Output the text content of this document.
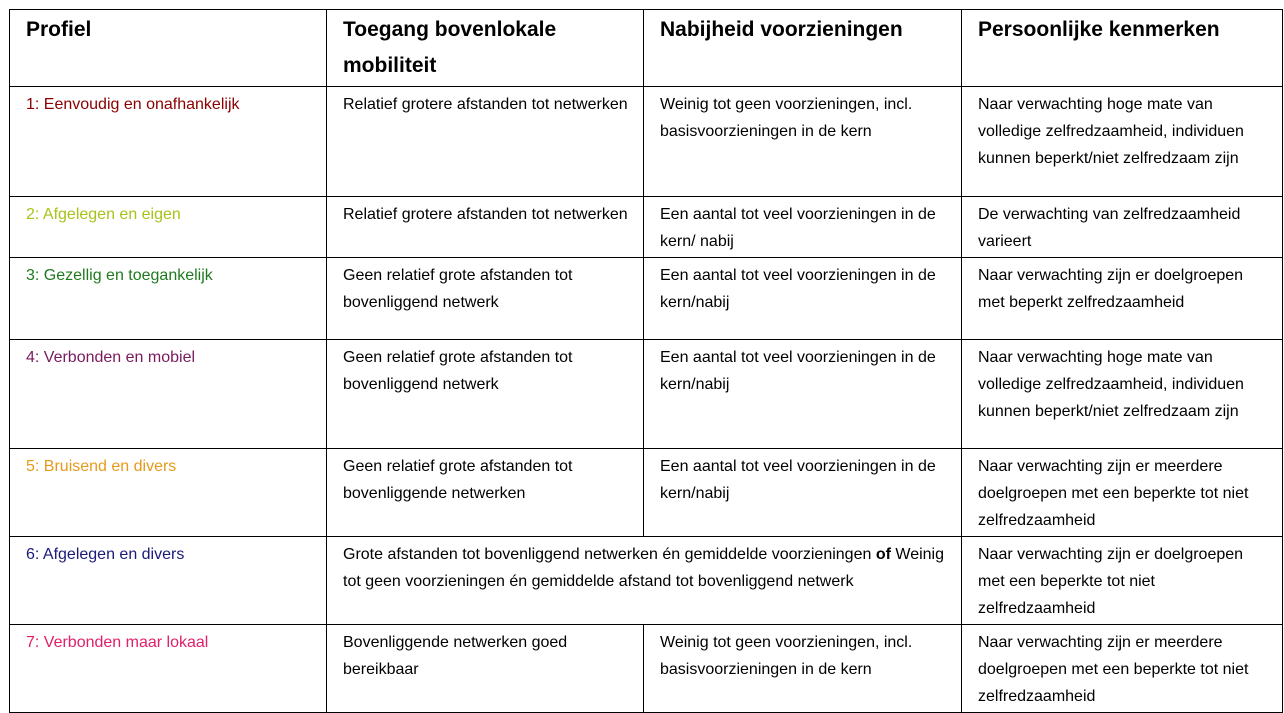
Profiel	Toegang bovenlokale mobiliteit	Nabijheid voorzieningen	Persoonlijke kenmerken
1: Eenvoudig en onafhankelijk	Relatief grotere afstanden tot netwerken	Weinig tot geen voorzieningen, incl. basisvoorzieningen in de kern	Naar verwachting hoge mate van volledige zelfredzaamheid, individuen kunnen beperkt/niet zelfredzaam zijn
2: Afgelegen en eigen	Relatief grotere afstanden tot netwerken	Een aantal tot veel voorzieningen in de kern/ nabij	De verwachting van zelfredzaamheid varieert
3: Gezellig en toegankelijk	Geen relatief grote afstanden tot bovenliggend netwerk	Een aantal tot veel voorzieningen in de kern/nabij	Naar verwachting zijn er doelgroepen met beperkt zelfredzaamheid
4: Verbonden en mobiel	Geen relatief grote afstanden tot bovenliggend netwerk	Een aantal tot veel voorzieningen in de kern/nabij	Naar verwachting hoge mate van volledige zelfredzaamheid, individuen kunnen beperkt/niet zelfredzaam zijn
5: Bruisend en divers	Geen relatief grote afstanden tot bovenliggende netwerken	Een aantal tot veel voorzieningen in de kern/nabij	Naar verwachting zijn er meerdere doelgroepen met een beperkte tot niet zelfredzaamheid
6: Afgelegen en divers	Grote afstanden tot bovenliggend netwerken én gemiddelde voorzieningen of Weinig tot geen voorzieningen én gemiddelde afstand tot bovenliggend netwerk		Naar verwachting zijn er doelgroepen met een beperkte tot niet zelfredzaamheid
7: Verbonden maar lokaal	Bovenliggende netwerken goed bereikbaar	Weinig tot geen voorzieningen, incl. basisvoorzieningen in de kern	Naar verwachting zijn er meerdere doelgroepen met een beperkte tot niet zelfredzaamheid
